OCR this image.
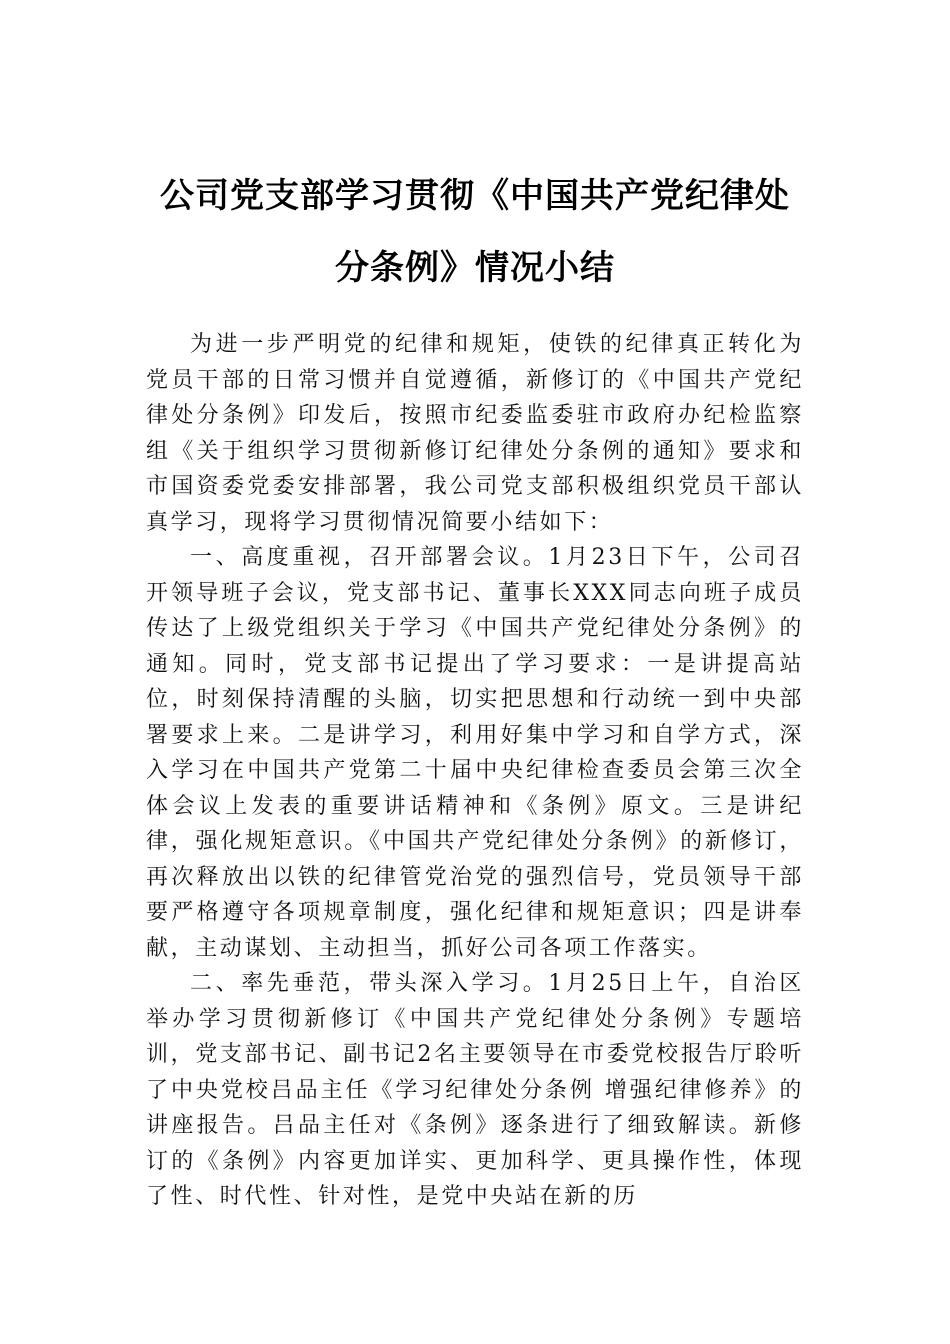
公司党支部学习贯彻《中国共产党纪律处
分条例》情况小结

为进一步严明党的纪律和规矩，使铁的纪律真正转化为党员干部的日常习惯并自觉遵循，新修订的《中国共产党纪律处分条例》印发后，按照市纪委监委驻市政府办纪检监察组《关于组织学习贯彻新修订纪律处分条例的通知》要求和市国资委党委安排部署，我公司党支部积极组织党员干部认真学习，现将学习贯彻情况简要小结如下：

一、高度重视，召开部署会议。1月23日下午，公司召开领导班子会议，党支部书记、董事长XXX同志向班子成员传达了上级党组织关于学习《中国共产党纪律处分条例》的通知。同时，党支部书记提出了学习要求：一是讲提高站位，时刻保持清醒的头脑，切实把思想和行动统一到中央部署要求上来。二是讲学习，利用好集中学习和自学方式，深入学习在中国共产党第二十届中央纪律检查委员会第三次全体会议上发表的重要讲话精神和《条例》原文。三是讲纪律，强化规矩意识。《中国共产党纪律处分条例》的新修订，再次释放出以铁的纪律管党治党的强烈信号，党员领导干部要严格遵守各项规章制度，强化纪律和规矩意识；四是讲奉献，主动谋划、主动担当，抓好公司各项工作落实。

二、率先垂范，带头深入学习。1月25日上午，自治区举办学习贯彻新修订《中国共产党纪律处分条例》专题培训，党支部书记、副书记2名主要领导在市委党校报告厅聆听了中央党校吕品主任《学习纪律处分条例 增强纪律修养》的讲座报告。吕品主任对《条例》逐条进行了细致解读。新修订的《条例》内容更加详实、更加科学、更具操作性，体现了性、时代性、针对性，是党中央站在新的历
